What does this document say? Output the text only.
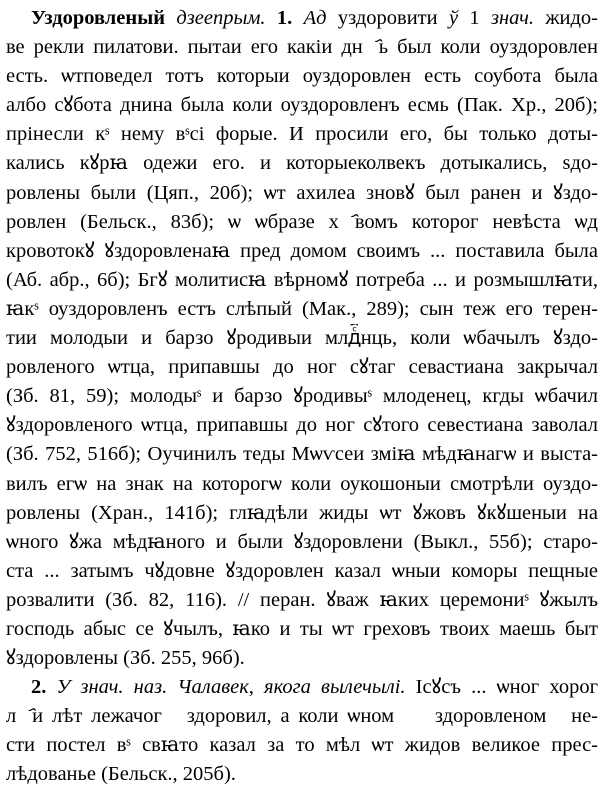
Уздоровленый дзеепрым. 1. Ад уздоровити ў 1 знач. жидо-
ве рекли пилатови. пытаи его какіи днⷭ҄ь был коли оуздоровлен
есть. ѡтповедел тотъ которыи оуздоровлен есть соубота была
албо сꙋбота днина была коли оуздоровленъ есмь (Пак. Хр., 20б);
прінесли кˢ нему вˢсі форые. И просили его, бы только доты-
кались кꙋрꙗ одежи его. и которыеколвекъ дотыкались, ѕдо-
ровлены были (Цяп., 20б); ѡт ахилеа зновꙋ был ранен и ꙋздо-
ровлен (Бельск., 83б); ѡ ѡбразе хⷭ҄вомъ которог невѣста ѡд
кровотокꙋ ꙋздоровленаꙗ пред домом своимъ ... поставила была
(Аб. абр., 6б); Бгꙋ молитисꙗ вѣрномꙋ потреба ... и розмышлꙗти,
ꙗкˢ оуздоровленъ естъ слѣпый (Мак., 289); сын теж его терен-
тии молодыи и барзо ꙋродивыи млдⷭ҄нць, коли ѡбачылъ ꙋздо-
ровленого ѡтца, припавшы до ног сꙋтаг севастиана закрычал
(Зб. 81, 59); молодыˢ и барзо ꙋродивыˢ млоденец, кгды ѡбачил
ꙋздоровленого ѡтца, припавшы до ног сꙋтого севестиана заволал
(Зб. 752, 516б); Оучинилъ теды Мѡѵсеи зміꙗ мѣдꙗнагѡ и выста-
вилъ егѡ на знак на которогѡ коли оукошоныи смотрѣли оуздо-
ровлены (Хран., 141б); глꙗдѣли жиды ѡт ꙋжовъ ꙋкꙋшеныи на
ѡного ꙋжа мѣдꙗного и были ꙋздоровлени (Выкл., 55б); старо-
ста ... затымъ чꙋдовне ꙋздоровлен казал ѡныи коморы пещные
розвалити (Зб. 82, 116). // перан. ꙋваж ꙗких церемониˢ ꙋжылъ
господь абыс се ꙋчылъ, ꙗко и ты ѡт греховъ твоих маешь быт
ꙋздоровлены (Зб. 255, 96б).
2. У знач. наз. Чалавек, якога вылечылі. Ісꙋсъ ... ѡног хорог
лⷭ҄и лѣт лежачог ꙋздоровил, а коли ѡномꙋ ꙋздоровленомꙋ не-
сти постел вˢ свꙗто казал за то мѣл ѡт жидов великое прес-
лѣдованье (Бельск., 205б).
